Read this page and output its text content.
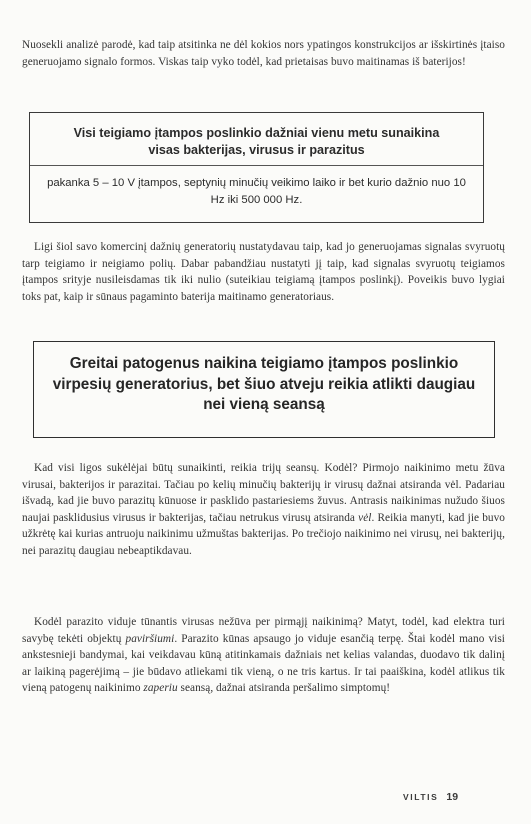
Nuosekli analizė parodė, kad taip atsitinka ne dėl kokios nors ypatingos konstrukcijos ar išskirtinės įtaiso generuojamo signalo formos. Viskas taip vyko todėl, kad prietaisas buvo maitinamas iš baterijos!

Visi teigiamo įtampos poslinkio dažniai vienu metu sunaikina visas bakterijas, virusus ir parazitus
pakanka 5 – 10 V įtampos, septynių minučių veikimo laiko ir bet kurio dažnio nuo 10 Hz iki 500 000 Hz.

Ligi šiol savo komercinį dažnių generatorių nustatydavau taip, kad jo generuojamas signalas svyruotų tarp teigiamo ir neigiamo polių. Dabar pabandžiau nustatyti jį taip, kad signalas svyruotų teigiamos įtampos srityje nusileisdamas tik iki nulio (suteikiau teigiamą įtampos poslinkį). Poveikis buvo lygiai toks pat, kaip ir sūnaus pagaminto baterija maitinamo generatoriaus.

Greitai patogenus naikina teigiamo įtampos poslinkio virpesių generatorius, bet šiuo atveju reikia atlikti daugiau nei vieną seansą

Kad visi ligos sukėlėjai būtų sunaikinti, reikia trijų seansų. Kodėl? Pirmojo naikinimo metu žūva virusai, bakterijos ir parazitai. Tačiau po kelių minučių bakterijų ir virusų dažnai atsiranda vėl. Padariau išvadą, kad jie buvo parazitų kūnuose ir pasklido pastariesiems žuvus. Antrasis naikinimas nužudo šiuos naujai pasklidusius virusus ir bakterijas, tačiau netrukus virusų atsiranda vėl. Reikia manyti, kad jie buvo užkrėtę kai kurias antruoju naikinimu užmuštas bakterijas. Po trečiojo naikinimo nei virusų, nei bakterijų, nei parazitų daugiau nebeaptikdavau.

Kodėl parazito viduje tūnantis virusas nežūva per pirmąjį naikinimą? Matyt, todėl, kad elektra turi savybę tekėti objektų paviršiumi. Parazito kūnas apsaugo jo viduje esančią terpę. Štai kodėl mano visi ankstesnieji bandymai, kai veikdavau kūną atitinkamais dažniais net kelias valandas, duodavo tik dalinį ar laikiną pagerėjimą – jie būdavo atliekami tik vieną, o ne tris kartus. Ir tai paaiškina, kodėl atlikus tik vieną patogenų naikinimo zaperiu seansą, dažnai atsiranda peršalimo simptomų!

VILTIS 19
